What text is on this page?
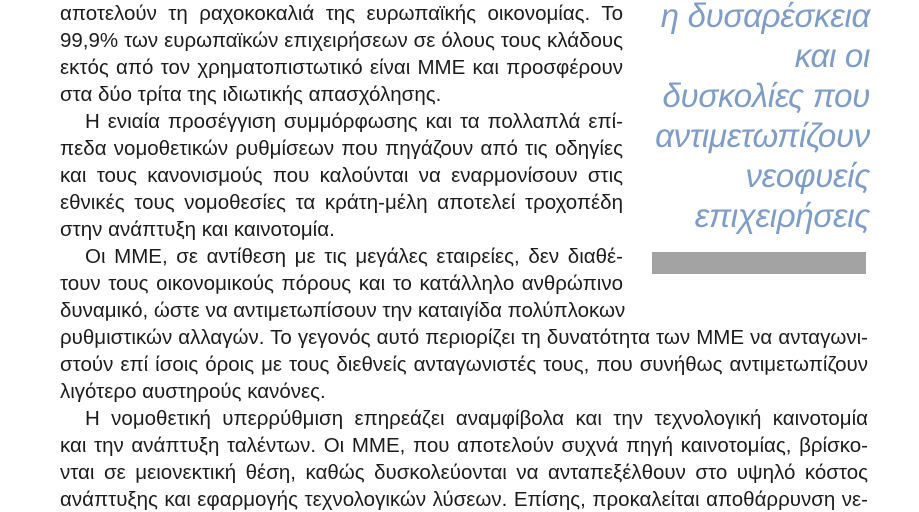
αποτελούν τη ραχοκοκαλιά της ευρωπαϊκής οικονομίας. Το

99,9% των ευρωπαϊκών επιχειρήσεων σε όλους τους κλάδους

εκτός από τον χρηματοπιστωτικό είναι ΜΜΕ και προσφέρουν

στα δύο τρίτα της ιδιωτικής απασχόλησης.

Η ενιαία προσέγγιση συμμόρφωσης και τα πολλαπλά επί-

πεδα νομοθετικών ρυθμίσεων που πηγάζουν από τις οδηγίες

και τους κανονισμούς που καλούνται να εναρμονίσουν στις

εθνικές τους νομοθεσίες τα κράτη-μέλη αποτελεί τροχοπέδη

στην ανάπτυξη και καινοτομία.

Οι ΜΜΕ, σε αντίθεση με τις μεγάλες εταιρείες, δεν διαθέ-

τουν τους οικονομικούς πόρους και το κατάλληλο ανθρώπινο

δυναμικό, ώστε να αντιμετωπίσουν την καταιγίδα πολύπλοκων

ρυθμιστικών αλλαγών. Το γεγονός αυτό περιορίζει τη δυνατότητα των ΜΜΕ να ανταγωνι-

στούν επί ίσοις όροις με τους διεθνείς ανταγωνιστές τους, που συνήθως αντιμετωπίζουν

λιγότερο αυστηρούς κανόνες.

Η νομοθετική υπερρύθμιση επηρεάζει αναμφίβολα και την τεχνολογική καινοτομία

και την ανάπτυξη ταλέντων. Οι ΜΜΕ, που αποτελούν συχνά πηγή καινοτομίας, βρίσκο-

νται σε μειονεκτική θέση, καθώς δυσκολεύονται να ανταπεξέλθουν στο υψηλό κόστος

ανάπτυξης και εφαρμογής τεχνολογικών λύσεων. Επίσης, προκαλείται αποθάρρυνση νε-

η δυσαρέσκεια

και οι

δυσκολίες που

αντιμετωπίζουν

νεοφυείς

επιχειρήσεις
